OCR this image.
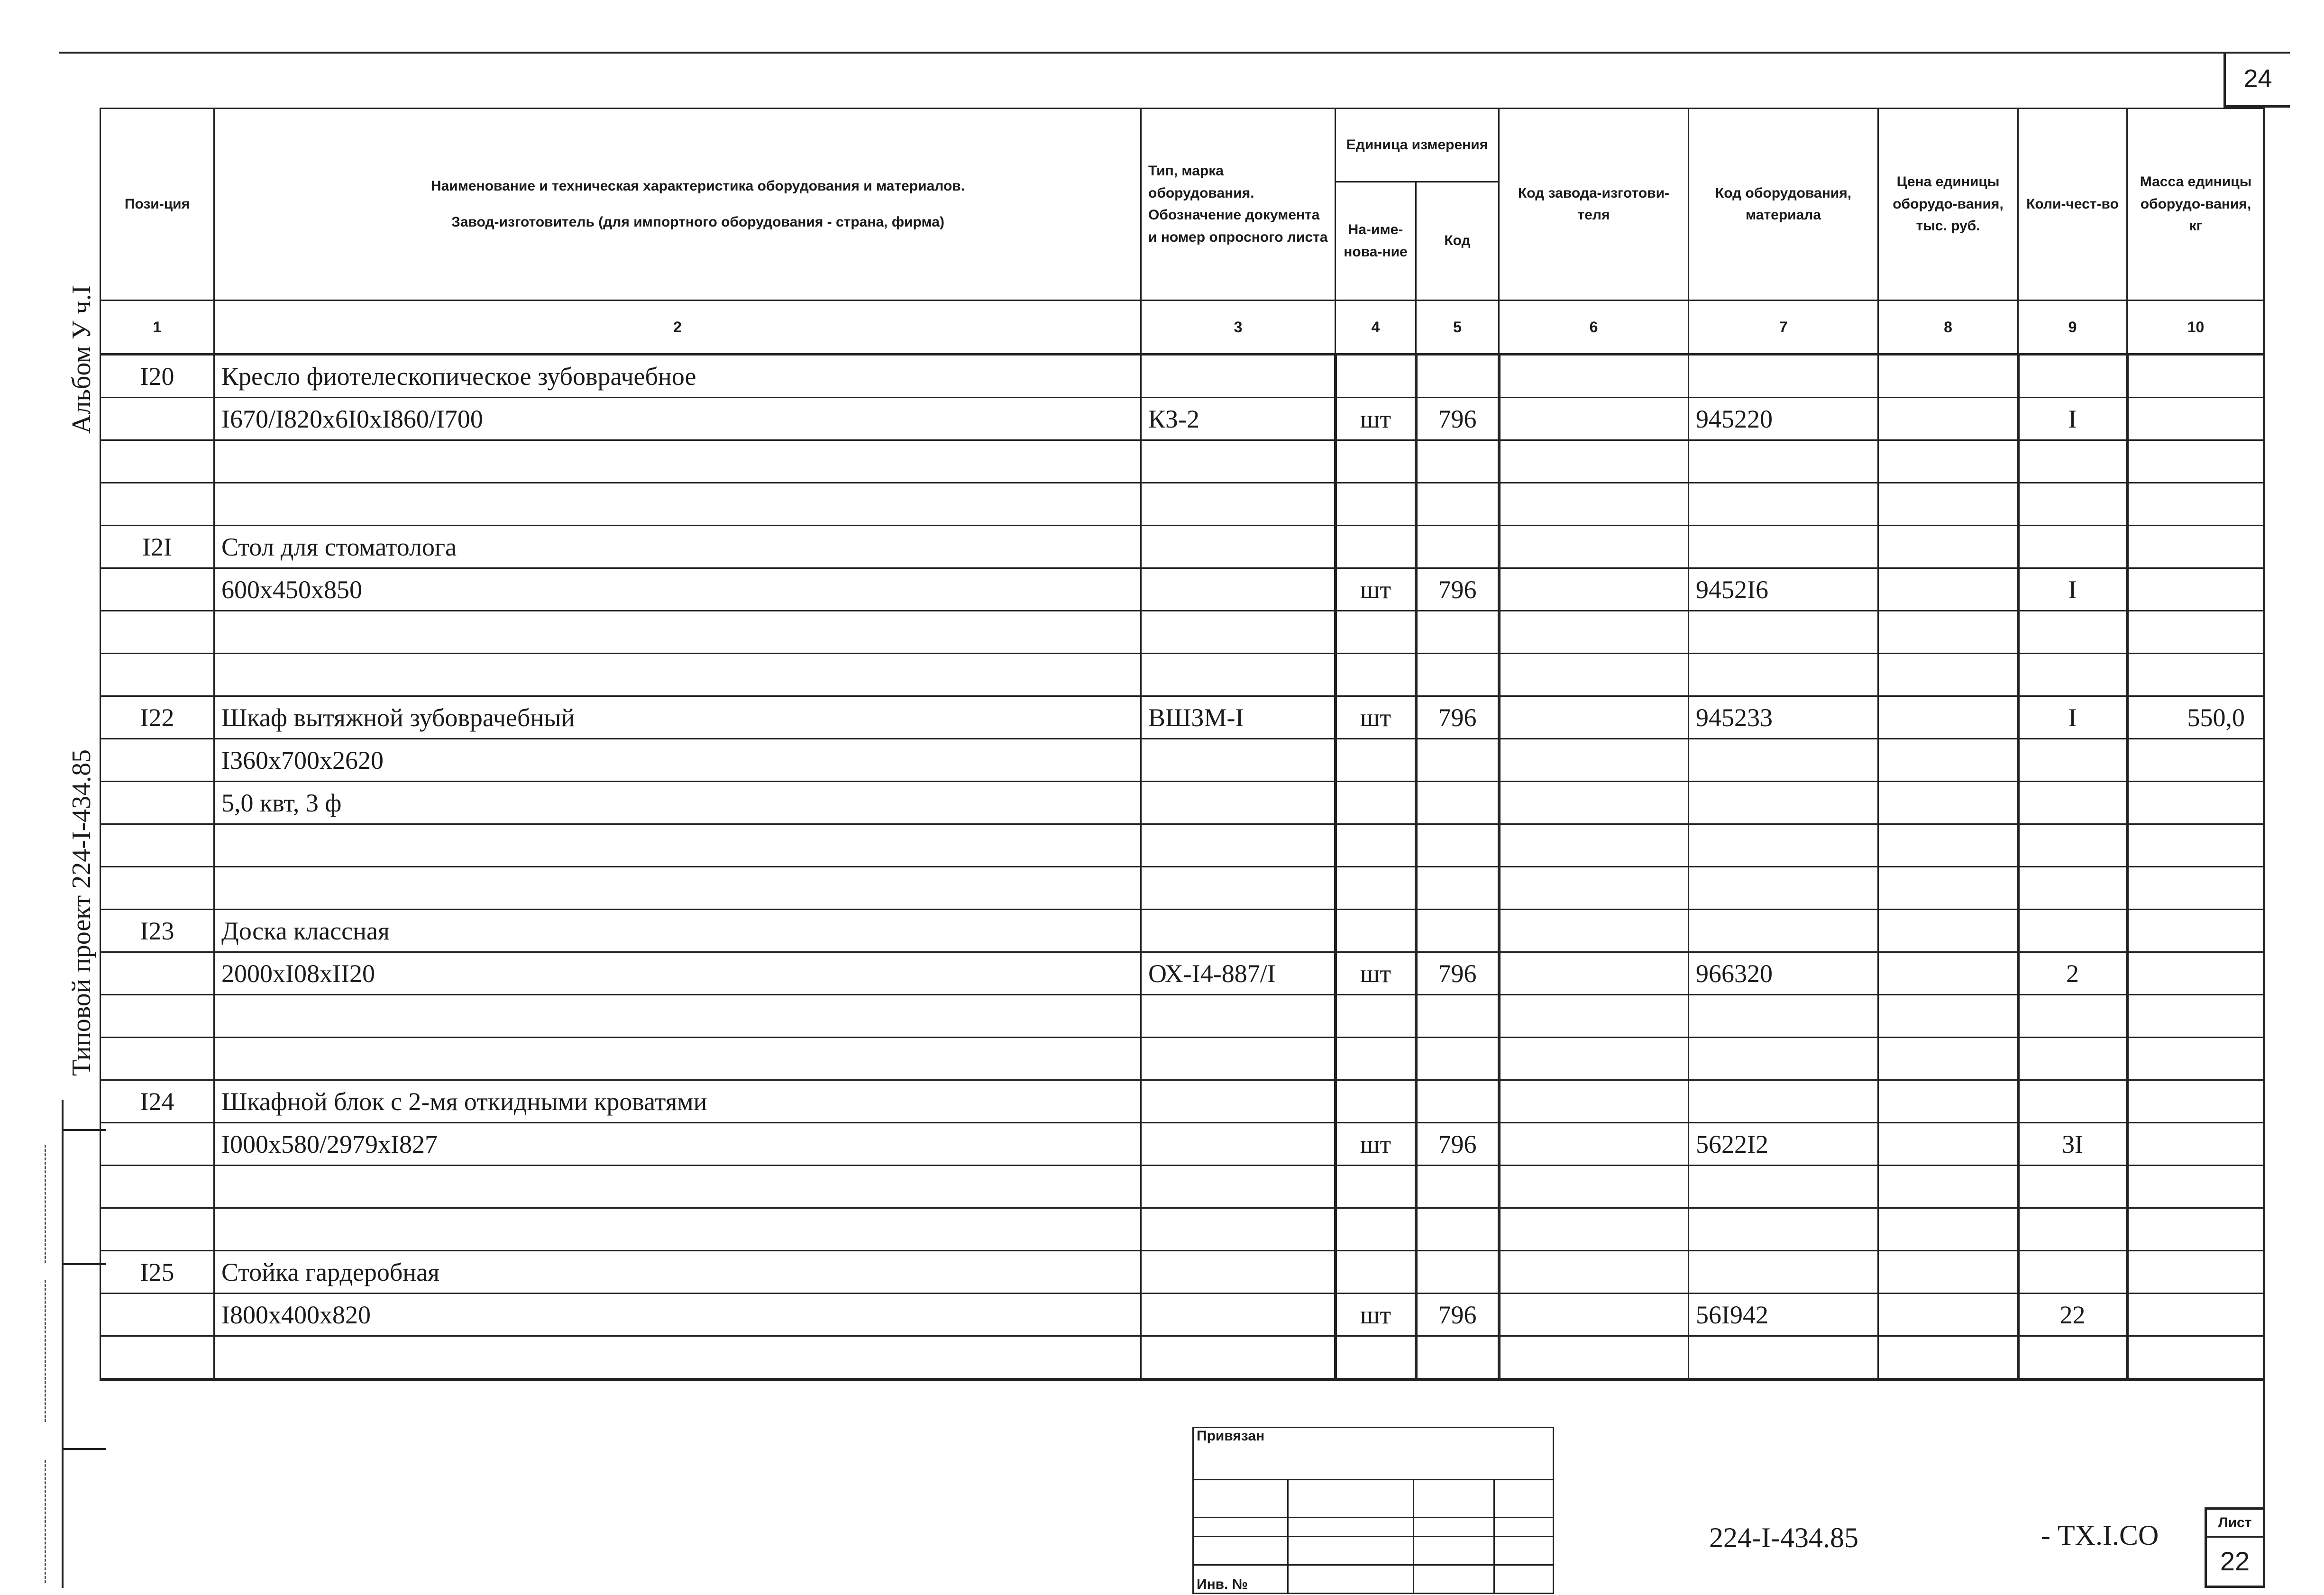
24
Альбом У ч.I
Типовой проект 224-I-434.85
Пози-ция	Наименование и техническая характеристика оборудования и материалов.
Завод-изготовитель (для импортного оборудования - страна, фирма)	Тип, марка оборудования. Обозначение документа и номер опросного листа	Единица измерения		Код завода-изготови-теля	Код оборудования, материала	Цена единицы оборудо-вания, тыс. руб.	Коли-чест-во	Масса единицы оборудо-вания, кг
			На-име-нова-ние	Код					
1	2	3	4	5	6	7	8	9	10
I20	Кресло фиотелескопическое зубоврачебное								
	I670/I820x6I0xI860/I700	КЗ-2	шт	796		945220		I	

I2I	Стол для стоматолога								
	600x450x850		шт	796		9452I6		I	

I22	Шкаф вытяжной зубоврачебный	ВШЗМ-I	шт	796		945233		I	550,0
	I360x700x2620								
	5,0 квт, 3 ф								

I23	Доска классная								
	2000xI08xII20	ОХ-I4-887/I	шт	796		966320		2	

I24	Шкафной блок с 2-мя откидными кроватями								
	I000x580/2979xI827		шт	796		5622I2		3I	

I25	Стойка гардеробная								
	I800x400x820		шт	796		56I942		22	

Привязан			

Инв. №			
224-I-434.85	- ТХ.I.СО	Лист
22
